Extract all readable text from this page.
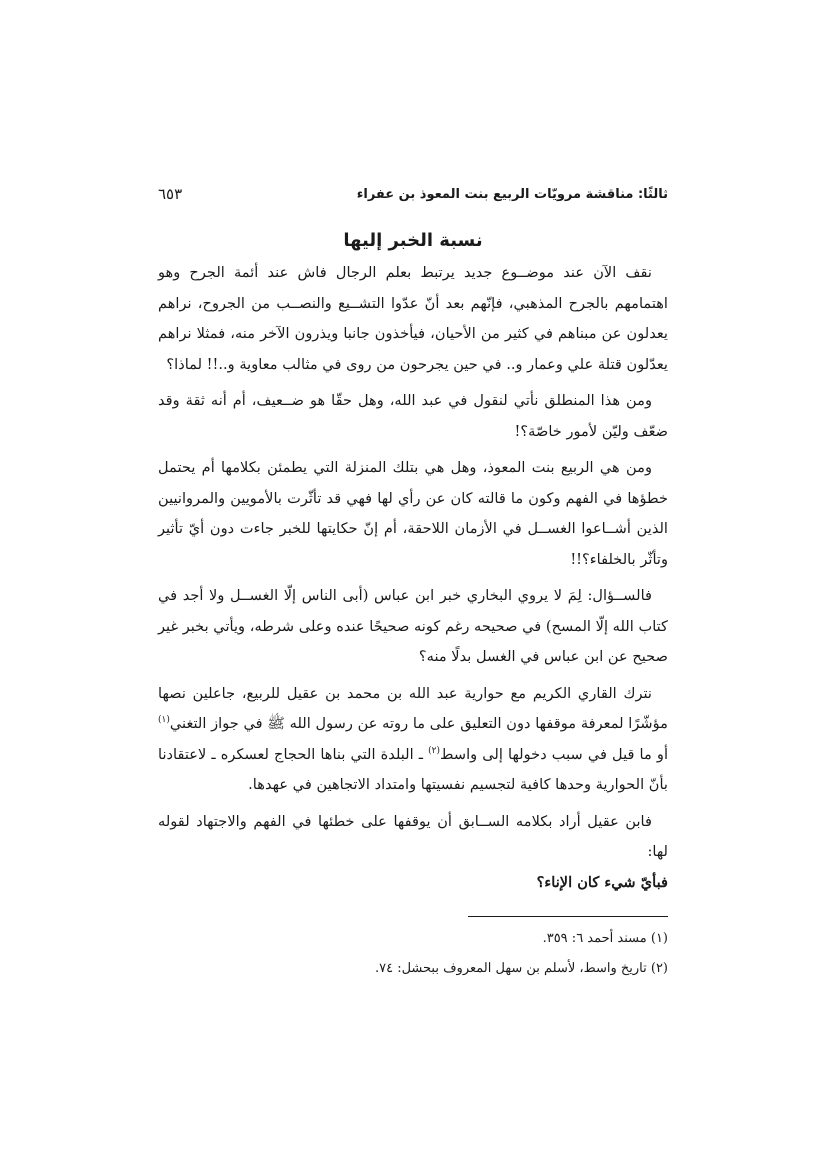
ثالثًا: مناقشة مرويّات الربيع بنت المعوذ بن عفراء
٦٥٣
نسبة الخبر إليها

نقف الآن عند موضــوع جديد يرتبط بعلم الرجال فاش عند أئمة الجرح وهو اهتمامهم بالجرح المذهبي، فإنّهم بعد أنّ عدّوا التشــيع والنصــب من الجروح، نراهم يعدلون عن مبناهم في كثير من الأحيان، فيأخذون جانبا ويذرون الآخر منه، فمثلا نراهم يعدّلون قتلة علي وعمار و.. في حين يجرحون من روى في مثالب معاوية و..!! لماذا؟

ومن هذا المنطلق نأتي لنقول في عبد الله، وهل حقّا هو ضــعيف، أم أنه ثقة وقد ضعّف وليّن لأمور خاصّة؟!

ومن هي الربيع بنت المعوذ، وهل هي بتلك المنزلة التي يطمئن بكلامها أم يحتمل خطؤها في الفهم وكون ما قالته كان عن رأي لها فهي قد تأثّرت بالأمويين والمروانيين الذين أشــاعوا الغســل في الأزمان اللاحقة، أم إنّ حكايتها للخبر جاءت دون أيّ تأثير وتأثّر بالخلفاء؟!!

فالســؤال: لِمَ لا يروي البخاري خبر ابن عباس (أبى الناس إلّا الغســل ولا أجد في كتاب الله إلّا المسح) في صحيحه رغم كونه صحيحًا عنده وعلى شرطه، ويأتي بخبر غير صحيح عن ابن عباس في الغسل بدلًا منه؟

نترك القاري الكريم مع حوارية عبد الله بن محمد بن عقيل للربيع، جاعلين نصها مؤشّرًا لمعرفة موقفها دون التعليق على ما روته عن رسول الله ﷺ في جواز التغني$^{(١)}$ أو ما قيل في سبب دخولها إلى واسط$^{(٢)}$ ـ البلدة التي بناها الحجاج لعسكره ـ لاعتقادنا بأنّ الحوارية وحدها كافية لتجسيم نفسيتها وامتداد الاتجاهين في عهدها.

فابن عقيل أراد بكلامه الســابق أن يوقفها على خطئها في الفهم والاجتهاد لقوله لها:
فبأيّ شيء كان الإناء؟

(١) مسند أحمد ٦: ٣٥٩.
(٢) تاريخ واسط، لأسلم بن سهل المعروف ببحشل: ٧٤.
